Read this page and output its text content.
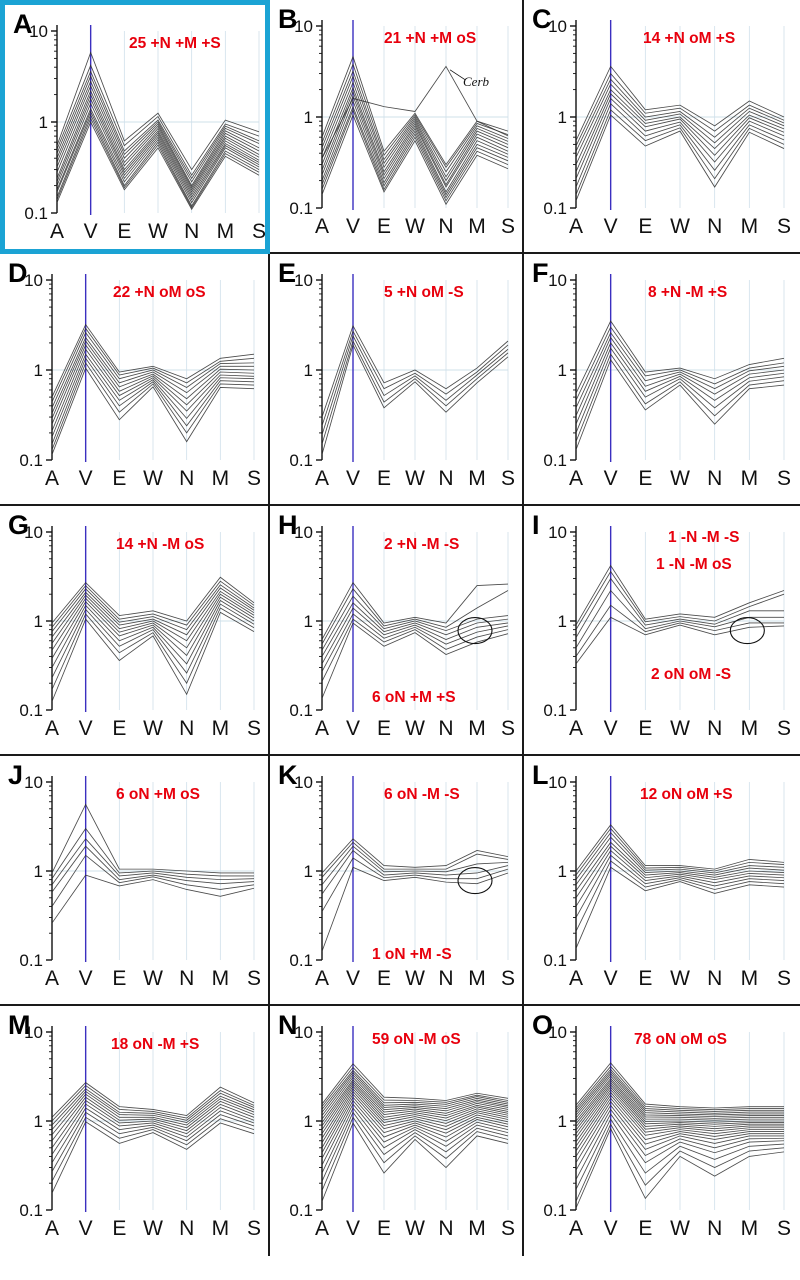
A
10
1
0.1
A V E W N M S
25 +N +M +S
B
10
1
0.1
A V E W N M S
21 +N +M oS
Cerb
C
10
1
0.1
A V E W N M S
14 +N oM +S
D
10
1
0.1
A V E W N M S
22 +N oM oS
E
10
1
0.1
A V E W N M S
5 +N oM -S
F 10
1
0.1
A V E W N M S
8 +N -M +S
G
10
1
0.1
A V E W N M S
14 +N -M oS
H
10
1
0.1
A V E W N M S
2 +N -M -S
6 oN +M +S
I 10
1
0.1
A V E W N M S
1 -N -M -S
1 -N -M oS
2 oN oM -S
J 10
1
0.1
A V E W N M S
6 oN +M oS
K
10
1
0.1
A V E W N M S
6 oN -M -S
1 oN +M -S
L 10
1
0.1
A V E W N M S
12 oN oM +S
M
10
1
0.1
A V E W N M S
18 oN -M +S
N
10
1
0.1
A V E W N M S
59 oN -M oS	O
10
1
0.1
A V E W N M S
78 oN oM oS
